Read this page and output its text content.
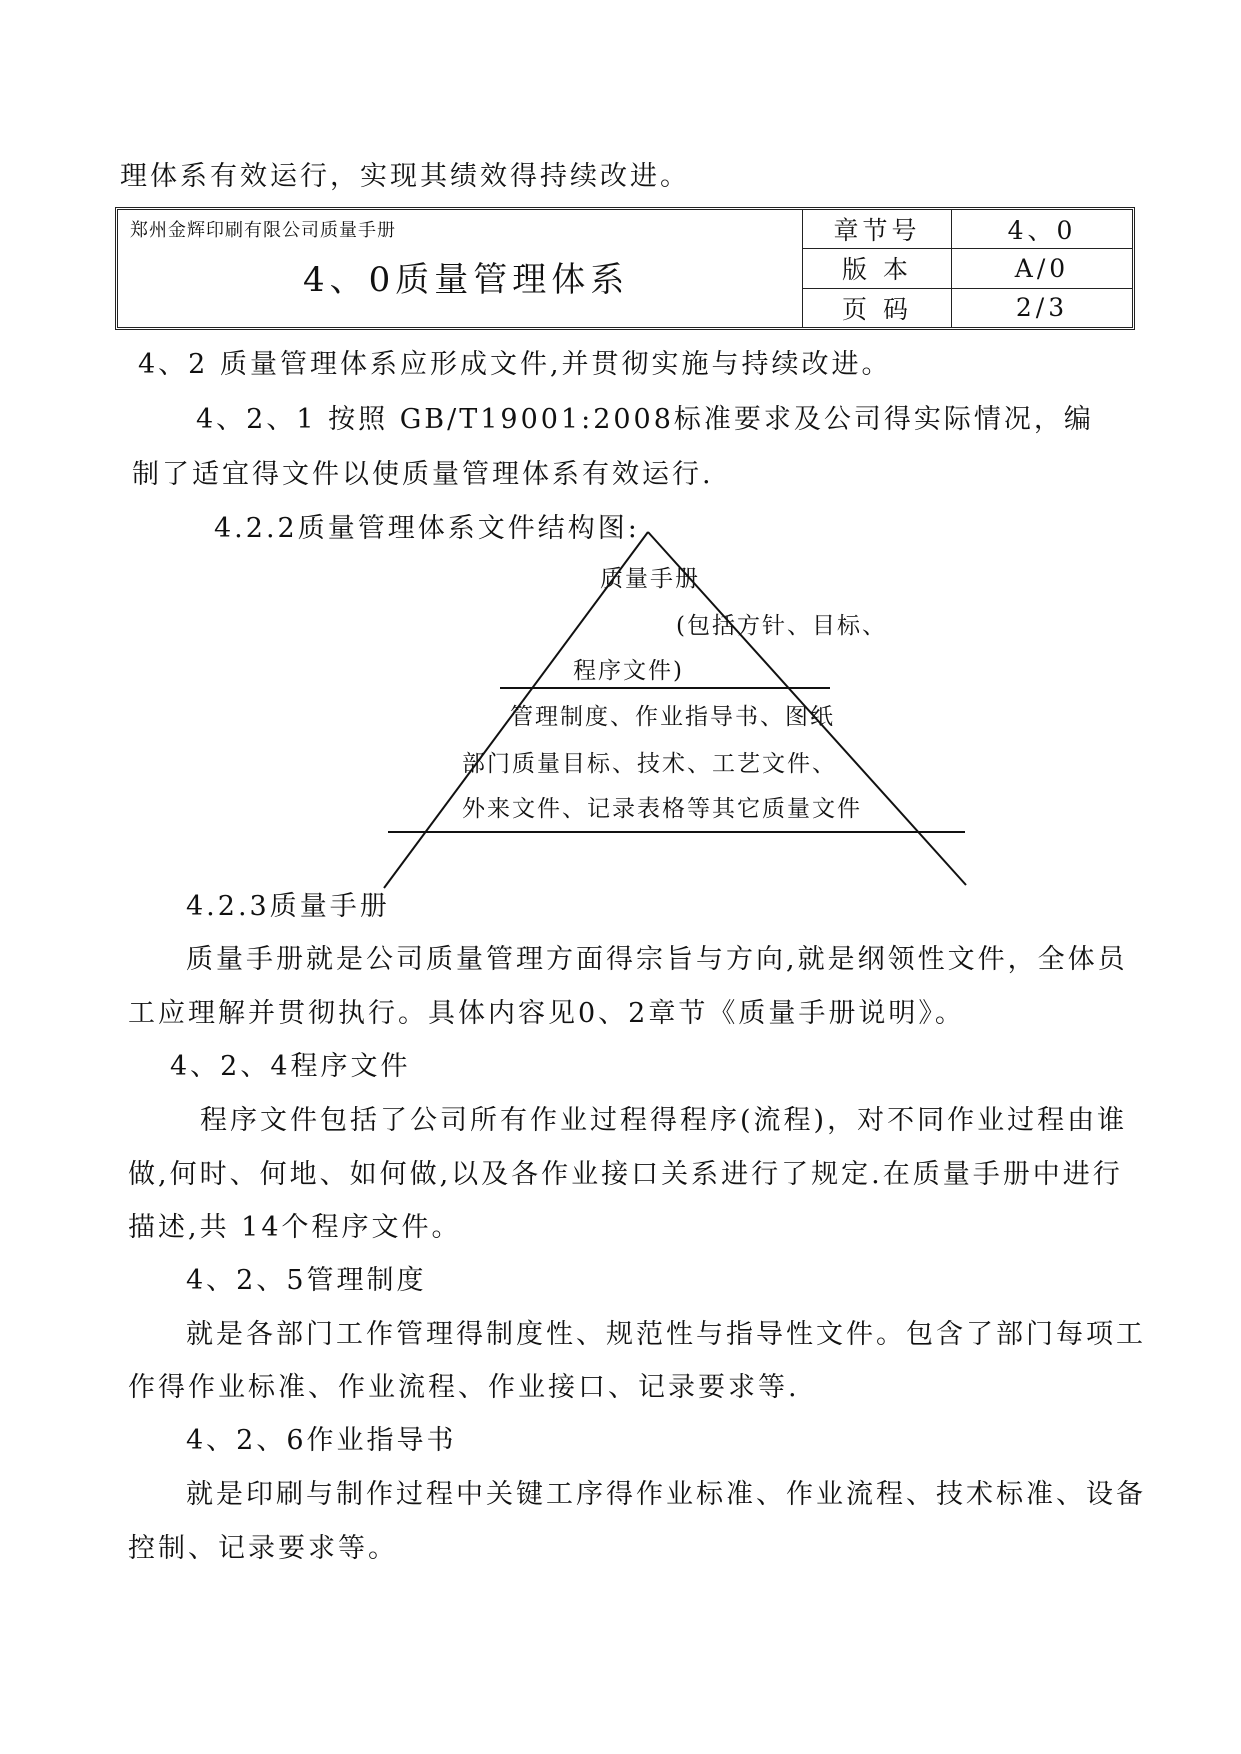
理体系有效运行，实现其绩效得持续改进。
郑州金辉印刷有限公司质量手册
4、0质量管理体系
章节号	4、0
版 本	A/0
页 码	2/3
4、2 质量管理体系应形成文件,并贯彻实施与持续改进。
4、2、1 按照 GB/T19001:2008标准要求及公司得实际情况，编
制了适宜得文件以使质量管理体系有效运行.
4.2.2质量管理体系文件结构图:
质量手册
(包括方针、目标、
程序文件)
管理制度、作业指导书、图纸
部门质量目标、技术、工艺文件、
外来文件、记录表格等其它质量文件
4.2.3质量手册
质量手册就是公司质量管理方面得宗旨与方向,就是纲领性文件，全体员
工应理解并贯彻执行。具体内容见0、2章节《质量手册说明》。
4、2、4程序文件
程序文件包括了公司所有作业过程得程序(流程)，对不同作业过程由谁
做,何时、何地、如何做,以及各作业接口关系进行了规定.在质量手册中进行
描述,共 14个程序文件。
4、2、5管理制度
就是各部门工作管理得制度性、规范性与指导性文件。包含了部门每项工
作得作业标准、作业流程、作业接口、记录要求等.
4、2、6作业指导书
就是印刷与制作过程中关键工序得作业标准、作业流程、技术标准、设备
控制、记录要求等。
